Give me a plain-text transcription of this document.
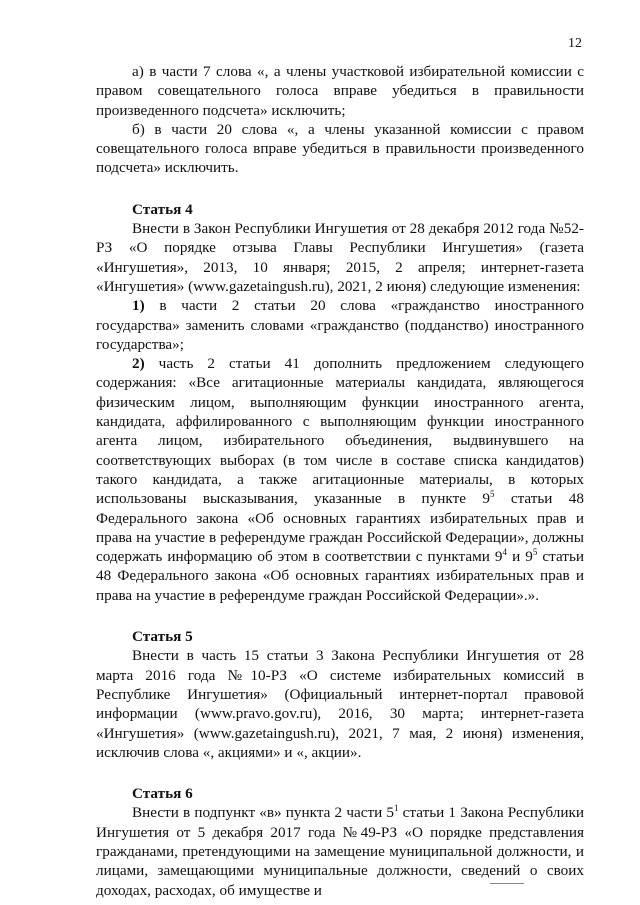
12

а) в части 7 слова «, а члены участковой избирательной комиссии с правом совещательного голоса вправе убедиться в правильности произведенного подсчета» исключить;

б) в части 20 слова «, а члены указанной комиссии с правом совещательного голоса вправе убедиться в правильности произведенного подсчета» исключить.

Статья 4

Внести в Закон Республики Ингушетия от 28 декабря 2012 года №52-РЗ «О порядке отзыва Главы Республики Ингушетия» (газета «Ингушетия», 2013, 10 января; 2015, 2 апреля; интернет-газета «Ингушетия» (www.gazetaingush.ru), 2021, 2 июня) следующие изменения:

1) в части 2 статьи 20 слова «гражданство иностранного государства» заменить словами «гражданство (подданство) иностранного государства»;

2) часть 2 статьи 41 дополнить предложением следующего содержания: «Все агитационные материалы кандидата, являющегося физическим лицом, выполняющим функции иностранного агента, кандидата, аффилированного с выполняющим функции иностранного агента лицом, избирательного объединения, выдвинувшего на соответствующих выборах (в том числе в составе списка кандидатов) такого кандидата, а также агитационные материалы, в которых использованы высказывания, указанные в пункте $9^5$ статьи 48 Федерального закона «Об основных гарантиях избирательных прав и права на участие в референдуме граждан Российской Федерации», должны содержать информацию об этом в соответствии с пунктами $9^4$ и $9^5$ статьи 48 Федерального закона «Об основных гарантиях избирательных прав и права на участие в референдуме граждан Российской Федерации».».

Статья 5

Внести в часть 15 статьи 3 Закона Республики Ингушетия от 28 марта 2016 года №10-РЗ «О системе избирательных комиссий в Республике Ингушетия» (Официальный интернет-портал правовой информации (www.pravo.gov.ru), 2016, 30 марта; интернет-газета «Ингушетия» (www.gazetaingush.ru), 2021, 7 мая, 2 июня) изменения, исключив слова «, акциями» и «, акции».

Статья 6

Внести в подпункт «в» пункта 2 части $5^1$ статьи 1 Закона Республики Ингушетия от 5 декабря 2017 года №49-РЗ «О порядке представления гражданами, претендующими на замещение муниципальной должности, и лицами, замещающими муниципальные должности, сведений о своих доходах, расходах, об имуществе и
